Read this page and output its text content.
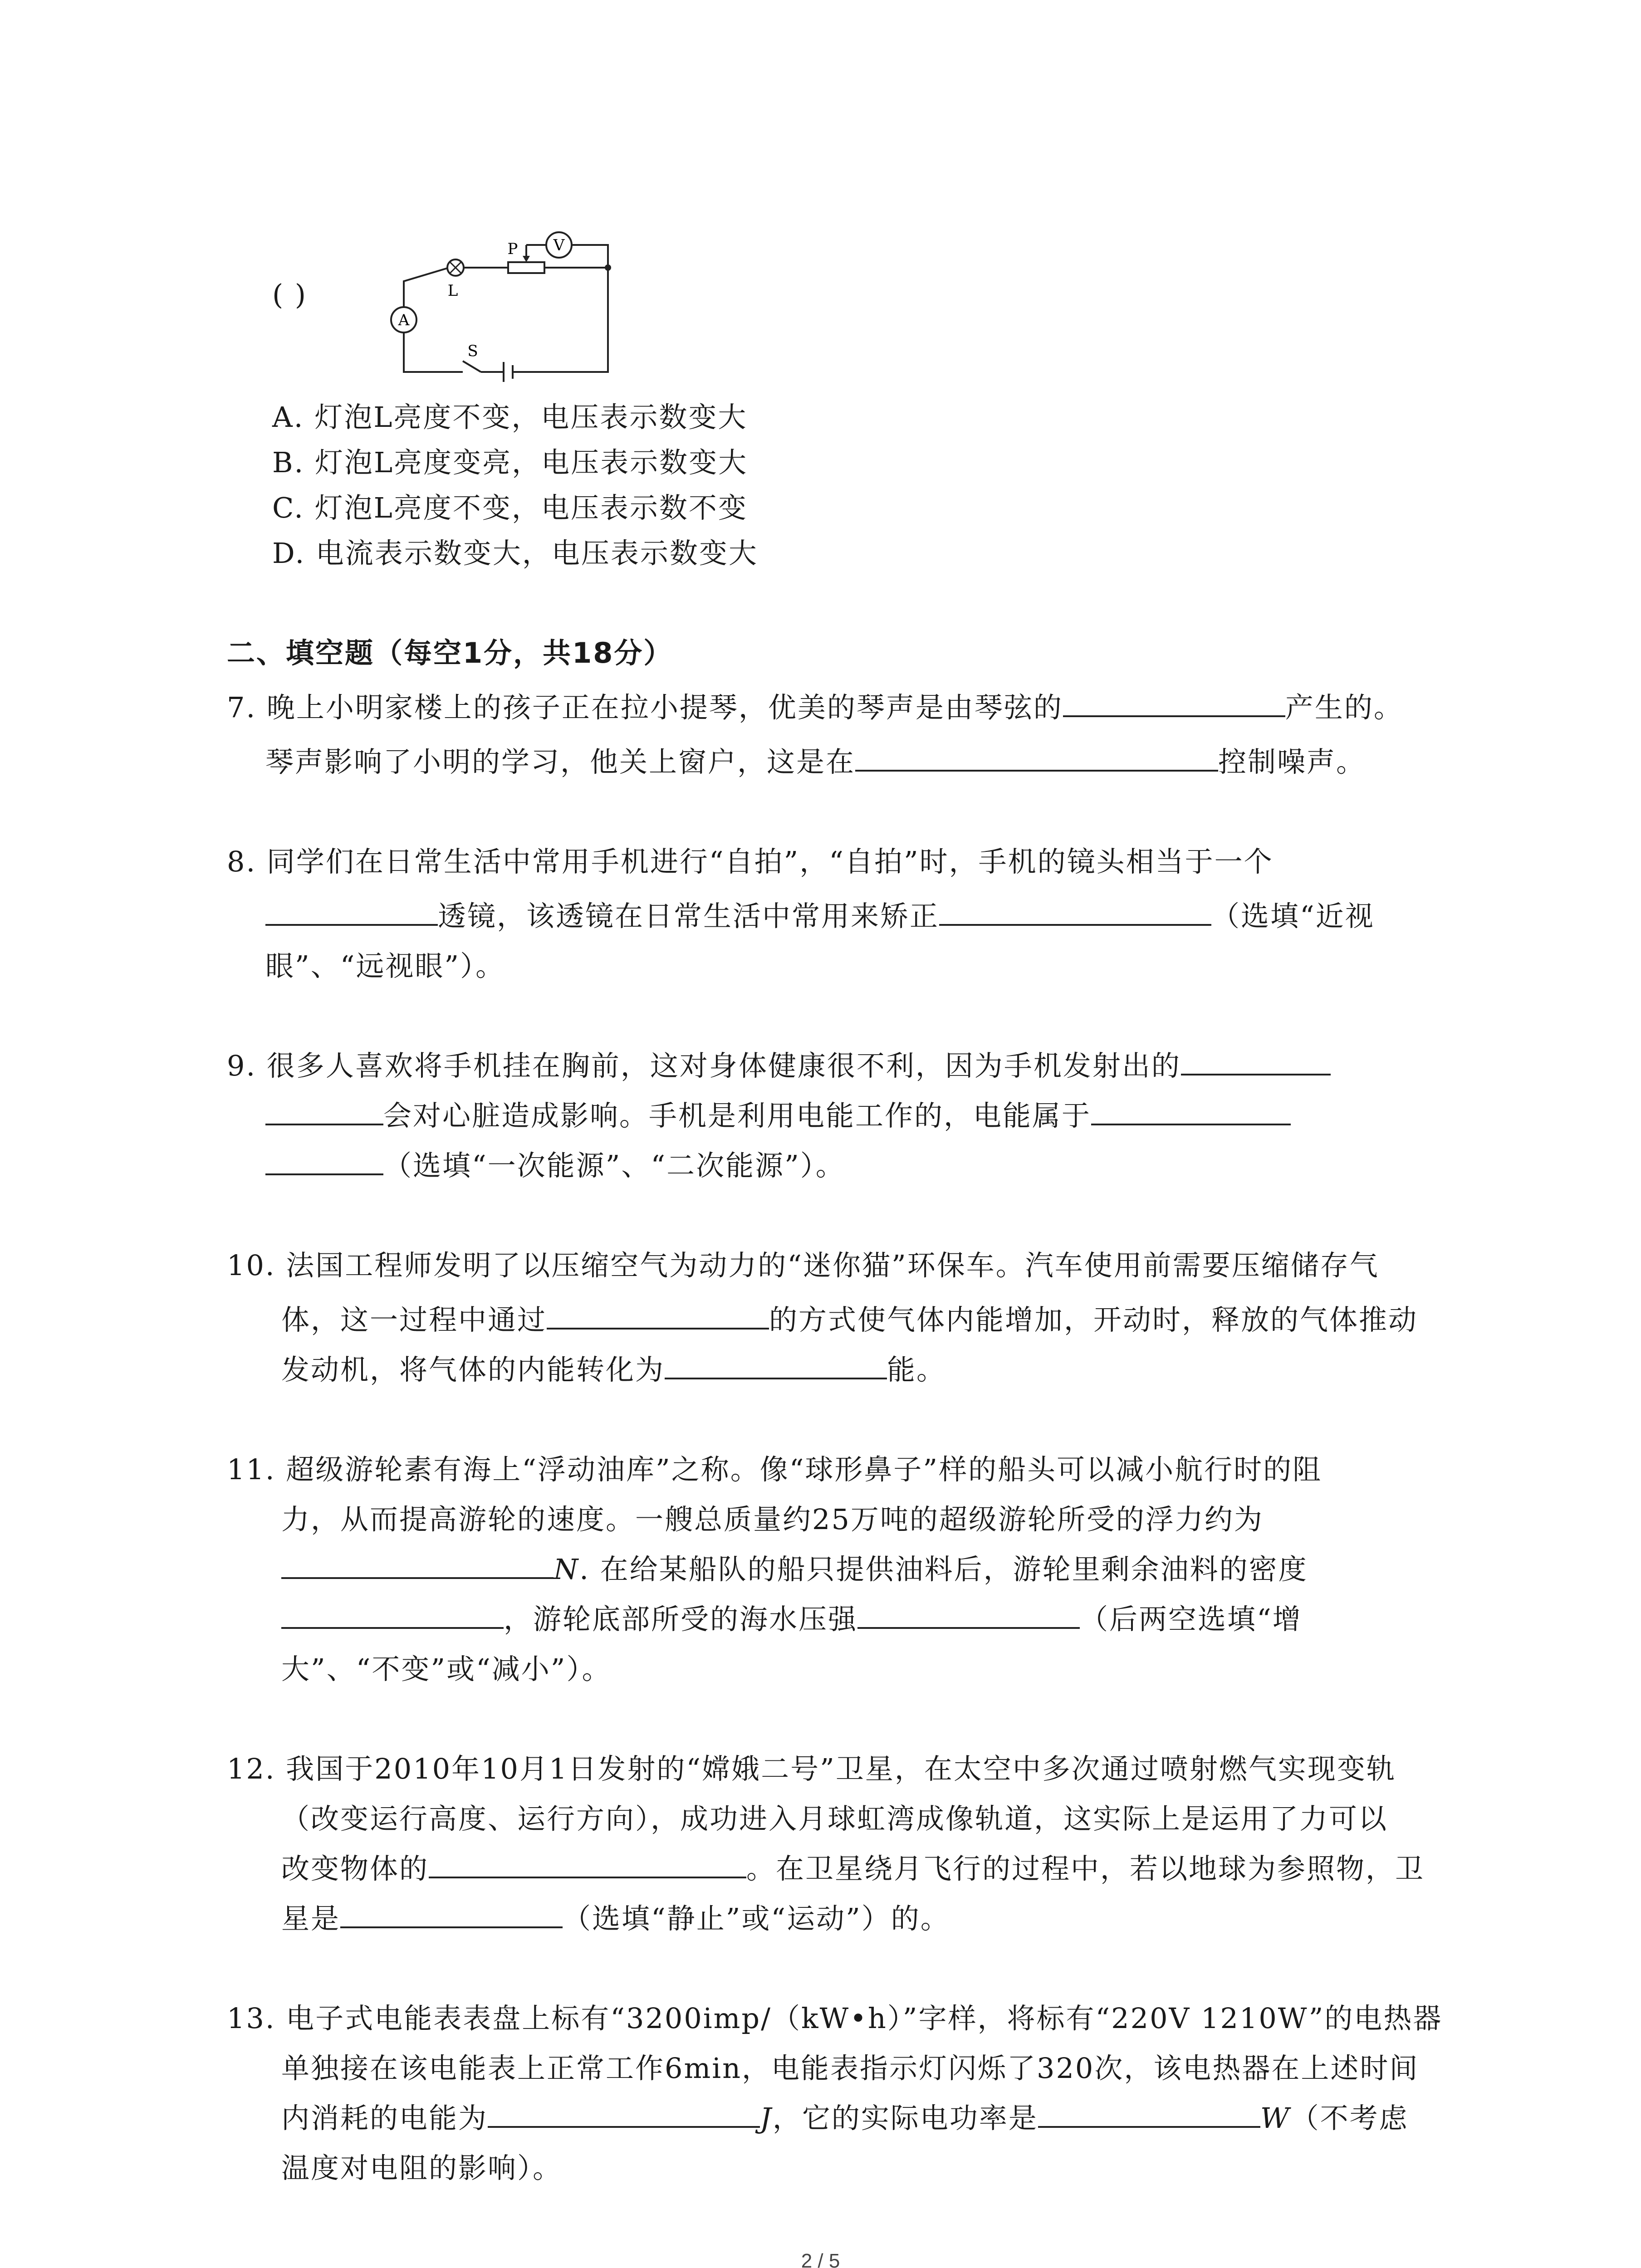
V
A
L
P
S
( )
A. 灯泡L亮度不变，电压表示数变大
B. 灯泡L亮度变亮，电压表示数变大
C. 灯泡L亮度不变，电压表示数不变
D. 电流表示数变大，电压表示数变大
二、填空题（每空1分，共18分）
7. 晚上小明家楼上的孩子正在拉小提琴，优美的琴声是由琴弦的	产生的。
琴声影响了小明的学习，他关上窗户，这是在	控制噪声。
8. 同学们在日常生活中常用手机进行“自拍”，“自拍”时，手机的镜头相当于一个
透镜，该透镜在日常生活中常用来矫正	（选填“近视
眼”、“远视眼”）。
9. 很多人喜欢将手机挂在胸前，这对身体健康很不利，因为手机发射出的
会对心脏造成影响。手机是利用电能工作的，电能属于
（选填“一次能源”、“二次能源”）。
10. 法国工程师发明了以压缩空气为动力的“迷你猫”环保车。汽车使用前需要压缩储存气
体，这一过程中通过	的方式使气体内能增加，开动时，释放的气体推动
发动机，将气体的内能转化为	能。
11. 超级游轮素有海上“浮动油库”之称。像“球形鼻子”样的船头可以减小航行时的阻
力，从而提高游轮的速度。一艘总质量约25万吨的超级游轮所受的浮力约为
N. 在给某船队的船只提供油料后，游轮里剩余油料的密度
，游轮底部所受的海水压强	（后两空选填“增
大”、“不变”或“减小”）。
12. 我国于2010年10月1日发射的“嫦娥二号”卫星，在太空中多次通过喷射燃气实现变轨
（改变运行高度、运行方向），成功进入月球虹湾成像轨道，这实际上是运用了力可以
改变物体的	。在卫星绕月飞行的过程中，若以地球为参照物，卫
星是	（选填“静止”或“运动”）的。
13. 电子式电能表表盘上标有“3200imp/（kW•h）”字样，将标有“220V 1210W”的电热器
单独接在该电能表上正常工作6min，电能表指示灯闪烁了320次，该电热器在上述时间
内消耗的电能为	J，它的实际电功率是	W（不考虑
温度对电阻的影响）。
2 / 5
